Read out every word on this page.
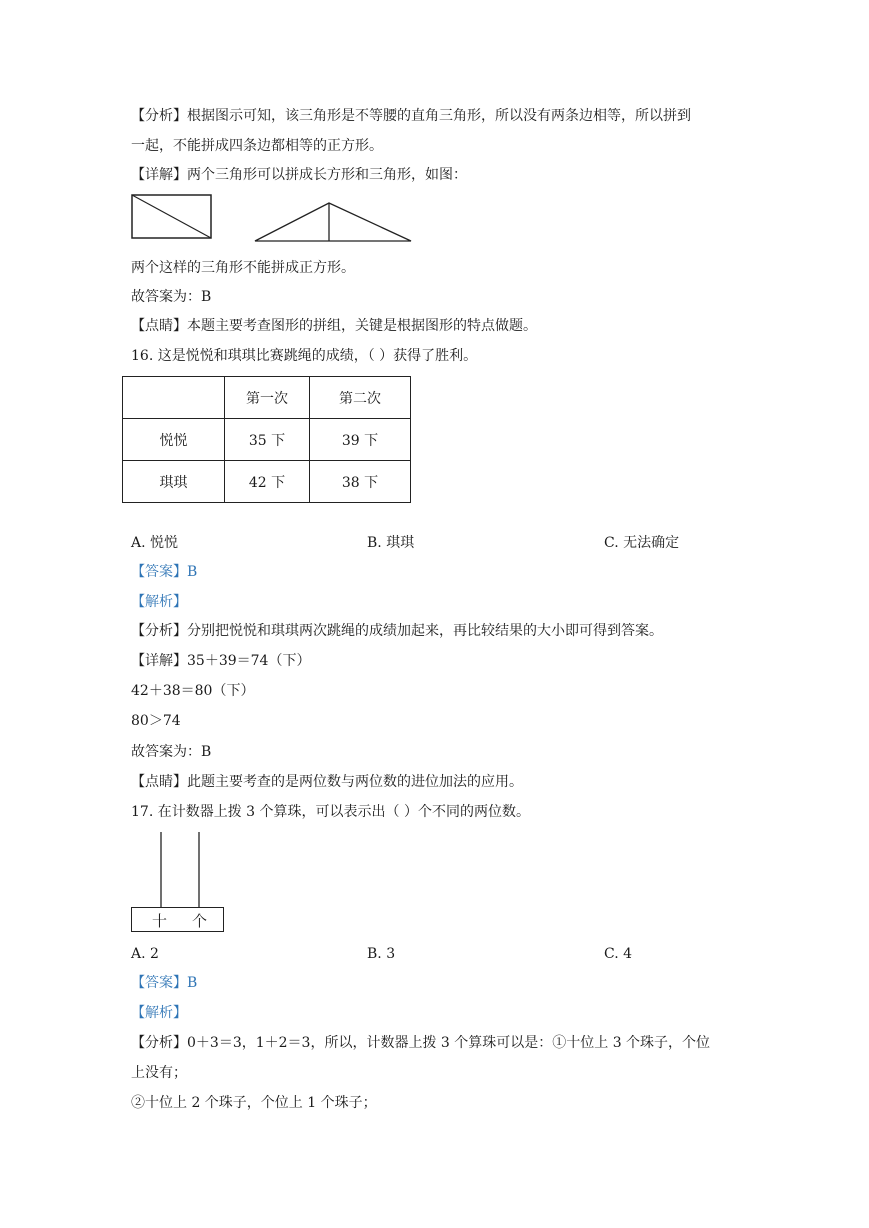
【分析】根据图示可知，该三角形是不等腰的直角三角形，所以没有两条边相等，所以拼到
一起，不能拼成四条边都相等的正方形。
【详解】两个三角形可以拼成长方形和三角形，如图：
两个这样的三角形不能拼成正方形。
故答案为：B
【点睛】本题主要考查图形的拼组，关键是根据图形的特点做题。
16. 这是悦悦和琪琪比赛跳绳的成绩，（ ）获得了胜利。
	第一次	第二次
悦悦	35 下	39 下
琪琪	42 下	38 下
A. 悦悦	B. 琪琪	C. 无法确定
【答案】B
【解析】
【分析】分别把悦悦和琪琪两次跳绳的成绩加起来，再比较结果的大小即可得到答案。
【详解】35＋39＝74（下）
42＋38＝80（下）
80＞74
故答案为：B
【点睛】此题主要考查的是两位数与两位数的进位加法的应用。
17. 在计数器上拨 3 个算珠，可以表示出（ ）个不同的两位数。
十 个
A. 2	B. 3	C. 4
【答案】B
【解析】
【分析】0＋3＝3，1＋2＝3，所以，计数器上拨 3 个算珠可以是：①十位上 3 个珠子，个位
上没有；
②十位上 2 个珠子，个位上 1 个珠子；
